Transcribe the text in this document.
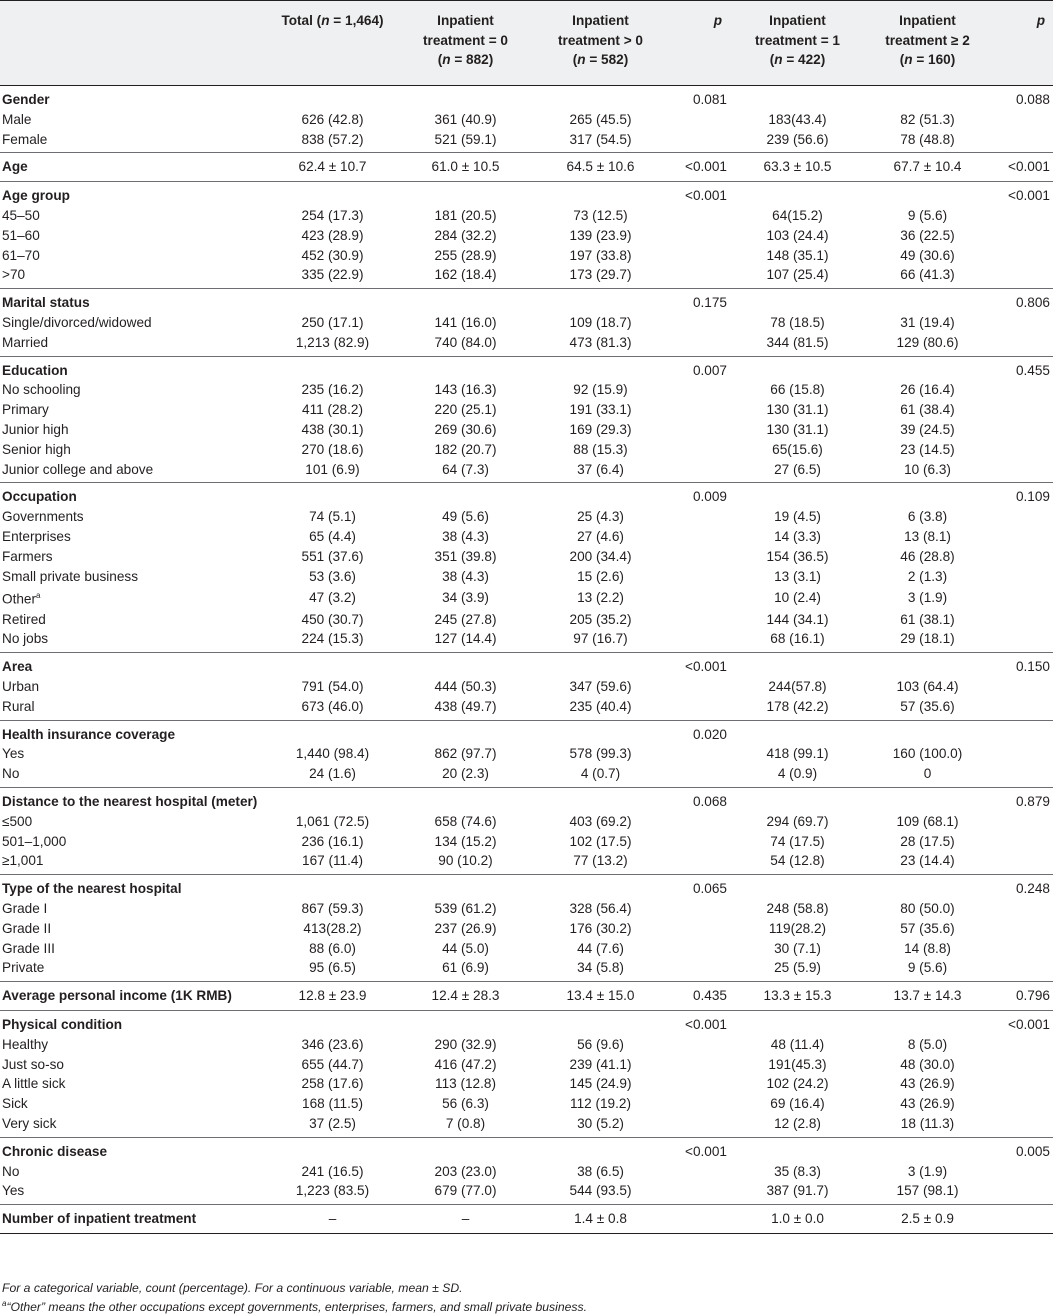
	Total (n = 1,464)	Inpatient
treatment = 0
(n = 882)	Inpatient
treatment > 0
(n = 582)	p	Inpatient
treatment = 1
(n = 422)	Inpatient
treatment ≥ 2
(n = 160)	p
Gender				0.081			0.088
Male	626 (42.8)	361 (40.9)	265 (45.5)		183(43.4)	82 (51.3)	
Female	838 (57.2)	521 (59.1)	317 (54.5)		239 (56.6)	78 (48.8)	
Age	62.4 ± 10.7	61.0 ± 10.5	64.5 ± 10.6	<0.001	63.3 ± 10.5	67.7 ± 10.4	<0.001
Age group				<0.001			<0.001
45–50	254 (17.3)	181 (20.5)	73 (12.5)		64(15.2)	9 (5.6)	
51–60	423 (28.9)	284 (32.2)	139 (23.9)		103 (24.4)	36 (22.5)	
61–70	452 (30.9)	255 (28.9)	197 (33.8)		148 (35.1)	49 (30.6)	
>70	335 (22.9)	162 (18.4)	173 (29.7)		107 (25.4)	66 (41.3)	
Marital status				0.175			0.806
Single/divorced/widowed	250 (17.1)	141 (16.0)	109 (18.7)		78 (18.5)	31 (19.4)	
Married	1,213 (82.9)	740 (84.0)	473 (81.3)		344 (81.5)	129 (80.6)	
Education				0.007			0.455
No schooling	235 (16.2)	143 (16.3)	92 (15.9)		66 (15.8)	26 (16.4)	
Primary	411 (28.2)	220 (25.1)	191 (33.1)		130 (31.1)	61 (38.4)	
Junior high	438 (30.1)	269 (30.6)	169 (29.3)		130 (31.1)	39 (24.5)	
Senior high	270 (18.6)	182 (20.7)	88 (15.3)		65(15.6)	23 (14.5)	
Junior college and above	101 (6.9)	64 (7.3)	37 (6.4)		27 (6.5)	10 (6.3)	
Occupation				0.009			0.109
Governments	74 (5.1)	49 (5.6)	25 (4.3)		19 (4.5)	6 (3.8)	
Enterprises	65 (4.4)	38 (4.3)	27 (4.6)		14 (3.3)	13 (8.1)	
Farmers	551 (37.6)	351 (39.8)	200 (34.4)		154 (36.5)	46 (28.8)	
Small private business	53 (3.6)	38 (4.3)	15 (2.6)		13 (3.1)	2 (1.3)	
Other$^a$	47 (3.2)	34 (3.9)	13 (2.2)		10 (2.4)	3 (1.9)	
Retired	450 (30.7)	245 (27.8)	205 (35.2)		144 (34.1)	61 (38.1)	
No jobs	224 (15.3)	127 (14.4)	97 (16.7)		68 (16.1)	29 (18.1)	
Area				<0.001			0.150
Urban	791 (54.0)	444 (50.3)	347 (59.6)		244(57.8)	103 (64.4)	
Rural	673 (46.0)	438 (49.7)	235 (40.4)		178 (42.2)	57 (35.6)	
Health insurance coverage				0.020			
Yes	1,440 (98.4)	862 (97.7)	578 (99.3)		418 (99.1)	160 (100.0)	
No	24 (1.6)	20 (2.3)	4 (0.7)		4 (0.9)	0	
Distance to the nearest hospital (meter)				0.068			0.879
≤500	1,061 (72.5)	658 (74.6)	403 (69.2)		294 (69.7)	109 (68.1)	
501–1,000	236 (16.1)	134 (15.2)	102 (17.5)		74 (17.5)	28 (17.5)	
≥1,001	167 (11.4)	90 (10.2)	77 (13.2)		54 (12.8)	23 (14.4)	
Type of the nearest hospital				0.065			0.248
Grade I	867 (59.3)	539 (61.2)	328 (56.4)		248 (58.8)	80 (50.0)	
Grade II	413(28.2)	237 (26.9)	176 (30.2)		119(28.2)	57 (35.6)	
Grade III	88 (6.0)	44 (5.0)	44 (7.6)		30 (7.1)	14 (8.8)	
Private	95 (6.5)	61 (6.9)	34 (5.8)		25 (5.9)	9 (5.6)	
Average personal income (1K RMB)	12.8 ± 23.9	12.4 ± 28.3	13.4 ± 15.0	0.435	13.3 ± 15.3	13.7 ± 14.3	0.796
Physical condition				<0.001			<0.001
Healthy	346 (23.6)	290 (32.9)	56 (9.6)		48 (11.4)	8 (5.0)	
Just so-so	655 (44.7)	416 (47.2)	239 (41.1)		191(45.3)	48 (30.0)	
A little sick	258 (17.6)	113 (12.8)	145 (24.9)		102 (24.2)	43 (26.9)	
Sick	168 (11.5)	56 (6.3)	112 (19.2)		69 (16.4)	43 (26.9)	
Very sick	37 (2.5)	7 (0.8)	30 (5.2)		12 (2.8)	18 (11.3)	
Chronic disease				<0.001			0.005
No	241 (16.5)	203 (23.0)	38 (6.5)		35 (8.3)	3 (1.9)	
Yes	1,223 (83.5)	679 (77.0)	544 (93.5)		387 (91.7)	157 (98.1)	
Number of inpatient treatment	–	–	1.4 ± 0.8		1.0 ± 0.0	2.5 ± 0.9	
For a categorical variable, count (percentage). For a continuous variable, mean ± SD.
$^a$“Other” means the other occupations except governments, enterprises, farmers, and small private business.
